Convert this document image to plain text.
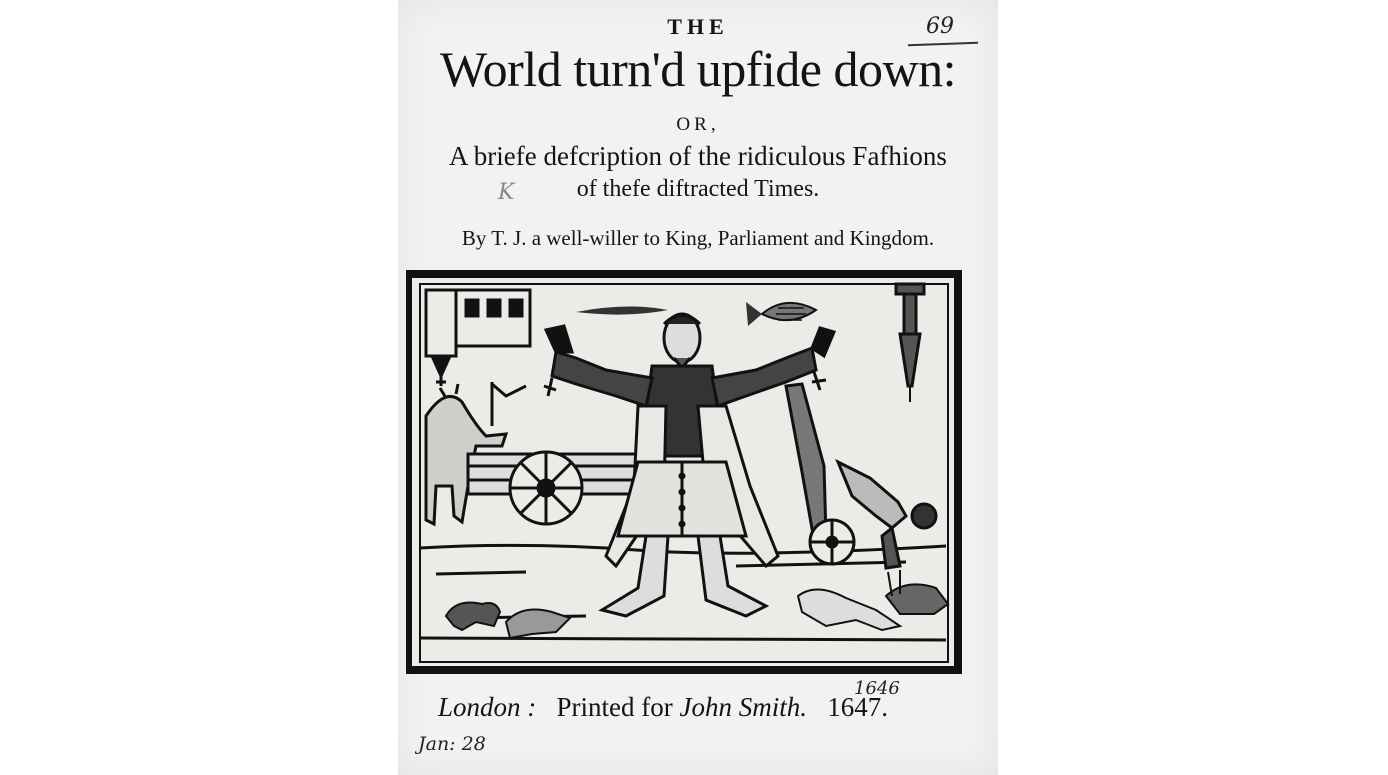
69
THE
World turn'd upfide down:
OR,
A briefe defcription of the ridiculous Fafhions
of thefe diftracted Times.
K
By T. J. a well-willer to King, Parliament and Kingdom.
London : Printed for John Smith. 1647.
1646
Jan: 28
